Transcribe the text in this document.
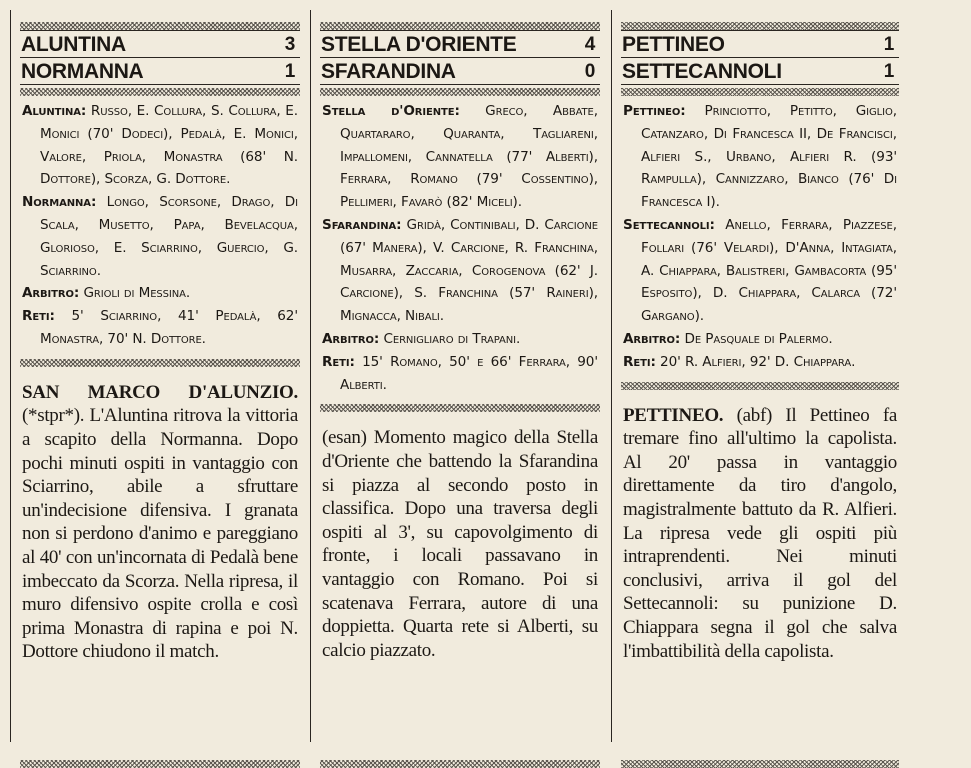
ALUNTINA	3
NORMANNA	1

Aluntina: Russo, E. Collura, S. Collura, E. Monici (70' Dodeci), Pedalà, E. Monici, Valore, Priola, Monastra (68' N. Dottore), Scorza, G. Dottore.

Normanna: Longo, Scorsone, Drago, Di Scala, Musetto, Papa, Bevelacqua, Glorioso, E. Sciarrino, Guercio, G. Sciarrino.

Arbitro: Grioli di Messina.

Reti: 5' Sciarrino, 41' Pedalà, 62' Monastra, 70' N. Dottore.

SAN MARCO D'ALUNZIO. (*stpr*). L'Aluntina ritrova la vittoria a scapito della Normanna. Dopo pochi minuti ospiti in vantaggio con Sciarrino, abile a sfruttare un'indecisione difensiva. I granata non si perdono d'animo e pareggiano al 40' con un'incornata di Pedalà bene imbeccato da Scorza. Nella ripresa, il muro difensivo ospite crolla e così prima Monastra di rapina e poi N. Dottore chiudono il match.
STELLA D'ORIENTE	4
SFARANDINA	0

Stella d'Oriente: Greco, Abbate, Quartararo, Quaranta, Tagliareni, Impallomeni, Cannatella (77' Alberti), Ferrara, Romano (79' Cossentino), Pellimeri, Favarò (82' Miceli).

Sfarandina: Gridà, Continibali, D. Carcione (67' Manera), V. Carcione, R. Franchina, Musarra, Zaccaria, Corogenova (62' J. Carcione), S. Franchina (57' Raineri), Mignacca, Nibali.

Arbitro: Cernigliaro di Trapani.

Reti: 15' Romano, 50' e 66' Ferrara, 90' Alberti.

(esan) Momento magico della Stella d'Oriente che battendo la Sfarandina si piazza al secondo posto in classifica. Dopo una traversa degli ospiti al 3', su capovolgimento di fronte, i locali passavano in vantaggio con Romano. Poi si scatenava Ferrara, autore di una doppietta. Quarta rete si Alberti, su calcio piazzato.
PETTINEO	1
SETTECANNOLI	1

Pettineo: Princiotto, Petitto, Giglio, Catanzaro, Di Francesca II, De Francisci, Alfieri S., Urbano, Alfieri R. (93' Rampulla), Cannizzaro, Bianco (76' Di Francesca I).

Settecannoli: Anello, Ferrara, Piazzese, Follari (76' Velardi), D'Anna, Intagiata, A. Chiappara, Balistreri, Gambacorta (95' Esposito), D. Chiappara, Calarca (72' Gargano).

Arbitro: De Pasquale di Palermo.

Reti: 20' R. Alfieri, 92' D. Chiappara.

PETTINEO. (abf) Il Pettineo fa tremare fino all'ultimo la capolista. Al 20' passa in vantaggio direttamente da tiro d'angolo, magistralmente battuto da R. Alfieri. La ripresa vede gli ospiti più intraprendenti. Nei minuti conclusivi, arriva il gol del Settecannoli: su punizione D. Chiappara segna il gol che salva l'imbattibilità della capolista.
